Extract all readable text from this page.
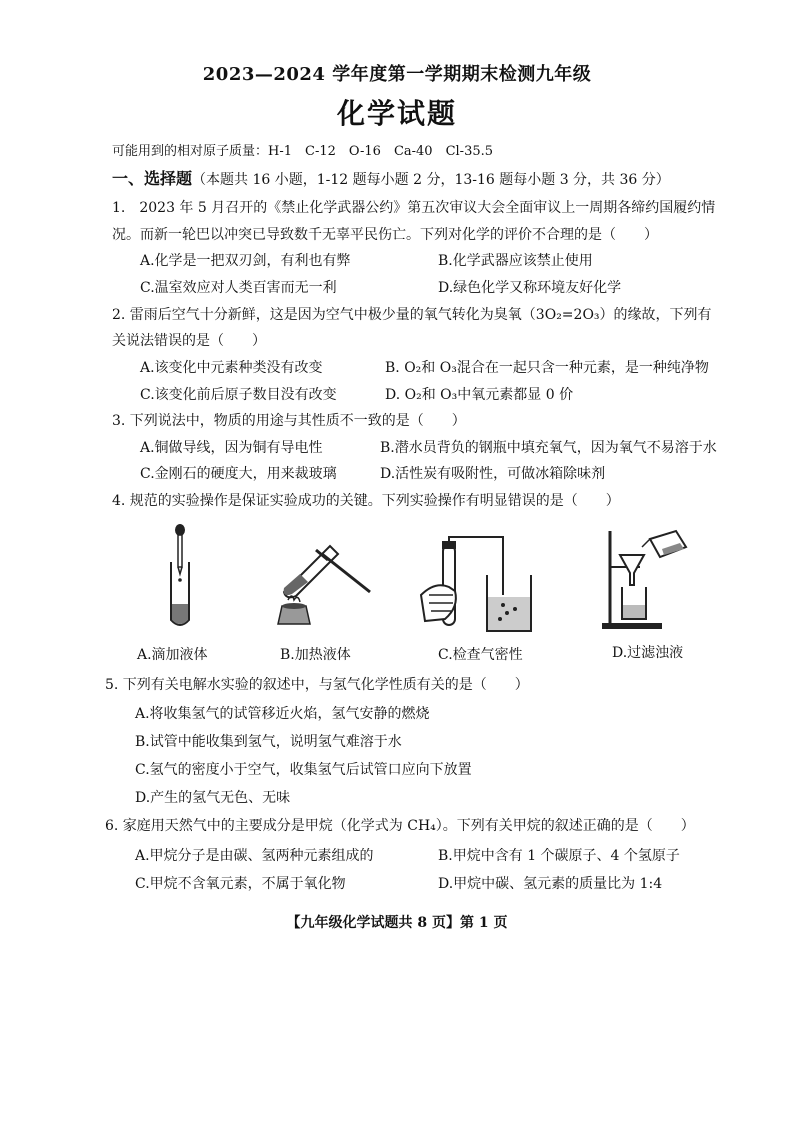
2023—2024 学年度第一学期期末检测九年级
化学试题
可能用到的相对原子质量：H-1　C-12　O-16　Ca-40　Cl-35.5
一、选择题（本题共 16 小题，1-12 题每小题 2 分，13-16 题每小题 3 分，共 36 分）
1.　2023 年 5 月召开的《禁止化学武器公约》第五次审议大会全面审议上一周期各缔约国履约情
况。而新一轮巴以冲突已导致数千无辜平民伤亡。下列对化学的评价不合理的是（　　）
A.化学是一把双刃剑，有利也有弊	B.化学武器应该禁止使用
C.温室效应对人类百害而无一利	D.绿色化学又称环境友好化学
2. 雷雨后空气十分新鲜，这是因为空气中极少量的氧气转化为臭氧（3O₂=2O₃）的缘故，下列有
关说法错误的是（　　）
A.该变化中元素种类没有改变	B. O₂和 O₃混合在一起只含一种元素，是一种纯净物
C.该变化前后原子数目没有改变	D. O₂和 O₃中氧元素都显 0 价
3. 下列说法中，物质的用途与其性质不一致的是（　　）
A.铜做导线，因为铜有导电性	B.潜水员背负的钢瓶中填充氧气，因为氧气不易溶于水
C.金刚石的硬度大，用来裁玻璃	D.活性炭有吸附性，可做冰箱除味剂
4. 规范的实验操作是保证实验成功的关键。下列实验操作有明显错误的是（　　）
A.滴加液体	B.加热液体	C.检查气密性	D.过滤浊液
5. 下列有关电解水实验的叙述中，与氢气化学性质有关的是（　　）
A.将收集氢气的试管移近火焰，氢气安静的燃烧
B.试管中能收集到氢气，说明氢气难溶于水
C.氢气的密度小于空气，收集氢气后试管口应向下放置
D.产生的氢气无色、无味
6. 家庭用天然气中的主要成分是甲烷（化学式为 CH₄）。下列有关甲烷的叙述正确的是（　　）
A.甲烷分子是由碳、氢两种元素组成的	B.甲烷中含有 1 个碳原子、4 个氢原子
C.甲烷不含氧元素，不属于氧化物	D.甲烷中碳、氢元素的质量比为 1:4
【九年级化学试题共 8 页】第 1 页
